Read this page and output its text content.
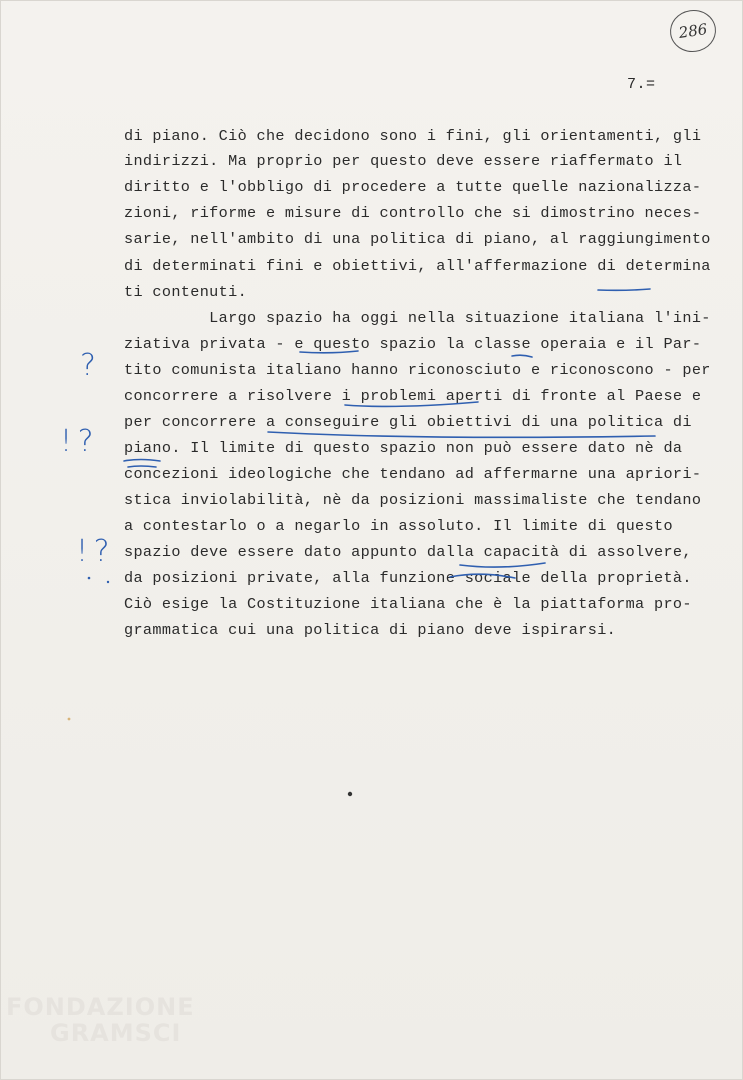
286
7.=
di piano. Ciò che decidono sono i fini, gli orientamenti, gli
indirizzi. Ma proprio per questo deve essere riaffermato il
diritto e l'obbligo di procedere a tutte quelle nazionalizza-
zioni, riforme e misure di controllo che si dimostrino neces-
sarie, nell'ambito di una politica di piano, al raggiungimento
di determinati fini e obiettivi, all'affermazione di determina
ti contenuti.
Largo spazio ha oggi nella situazione italiana l'ini-
ziativa privata - e questo spazio la classe operaia e il Par-
tito comunista italiano hanno riconosciuto e riconoscono - per
concorrere a risolvere i problemi aperti di fronte al Paese e
per concorrere a conseguire gli obiettivi di una politica di
piano. Il limite di questo spazio non può essere dato nè da
concezioni ideologiche che tendano ad affermarne una apriori-
stica inviolabilità, nè da posizioni massimaliste che tendano
a contestarlo o a negarlo in assoluto. Il limite di questo
spazio deve essere dato appunto dalla capacità di assolvere,
da posizioni private, alla funzione sociale della proprietà.
Ciò esige la Costituzione italiana che è la piattaforma pro-
grammatica cui una politica di piano deve ispirarsi.
?
! ?
! ?
FONDAZIONE
GRAMSCI
